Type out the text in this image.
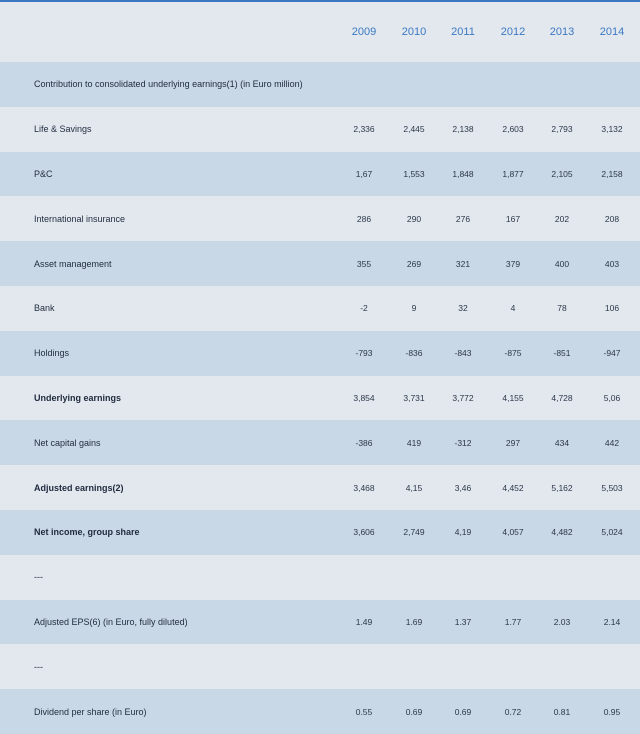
2009	2010	2011	2012	2013	2014
Contribution to consolidated underlying earnings(1) (in Euro million)
Life & Savings	2,336	2,445	2,138	2,603	2,793	3,132
P&C	1,67	1,553	1,848	1,877	2,105	2,158
International insurance	286	290	276	167	202	208
Asset management	355	269	321	379	400	403
Bank	-2	9	32	4	78	106
Holdings	-793	-836	-843	-875	-851	-947
Underlying earnings	3,854	3,731	3,772	4,155	4,728	5,06
Net capital gains	-386	419	-312	297	434	442
Adjusted earnings(2)	3,468	4,15	3,46	4,452	5,162	5,503
Net income, group share	3,606	2,749	4,19	4,057	4,482	5,024
---
Adjusted EPS(6) (in Euro, fully diluted)	1.49	1.69	1.37	1.77	2.03	2.14
---
Dividend per share (in Euro)	0.55	0.69	0.69	0.72	0.81	0.95
